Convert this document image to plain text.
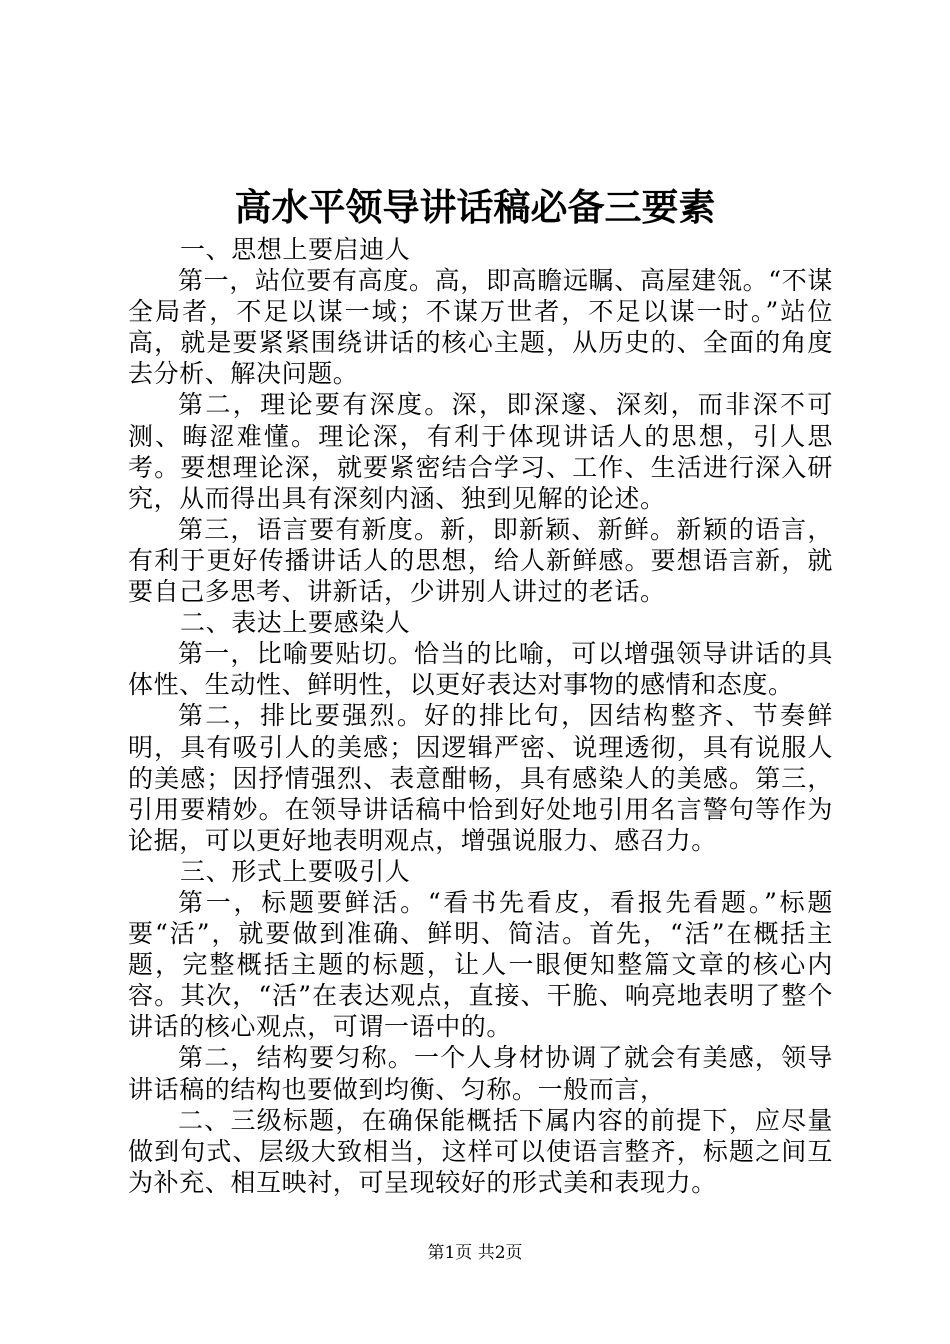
高水平领导讲话稿必备三要素

一、思想上要启迪人

第一，站位要有高度。高，即高瞻远瞩、高屋建瓴。“不谋全局者，不足以谋一域；不谋万世者，不足以谋一时。”站位高，就是要紧紧围绕讲话的核心主题，从历史的、全面的角度去分析、解决问题。

第二，理论要有深度。深，即深邃、深刻，而非深不可测、晦涩难懂。理论深，有利于体现讲话人的思想，引人思考。要想理论深，就要紧密结合学习、工作、生活进行深入研究，从而得出具有深刻内涵、独到见解的论述。

第三，语言要有新度。新，即新颖、新鲜。新颖的语言，有利于更好传播讲话人的思想，给人新鲜感。要想语言新，就要自己多思考、讲新话，少讲别人讲过的老话。

二、表达上要感染人

第一，比喻要贴切。恰当的比喻，可以增强领导讲话的具体性、生动性、鲜明性，以更好表达对事物的感情和态度。

第二，排比要强烈。好的排比句，因结构整齐、节奏鲜明，具有吸引人的美感；因逻辑严密、说理透彻，具有说服人的美感；因抒情强烈、表意酣畅，具有感染人的美感。第三，引用要精妙。在领导讲话稿中恰到好处地引用名言警句等作为论据，可以更好地表明观点，增强说服力、感召力。

三、形式上要吸引人

第一，标题要鲜活。“看书先看皮，看报先看题。”标题要“活”，就要做到准确、鲜明、简洁。首先，“活”在概括主题，完整概括主题的标题，让人一眼便知整篇文章的核心内容。其次，“活”在表达观点，直接、干脆、响亮地表明了整个讲话的核心观点，可谓一语中的。

第二，结构要匀称。一个人身材协调了就会有美感，领导讲话稿的结构也要做到均衡、匀称。一般而言，

二、三级标题，在确保能概括下属内容的前提下，应尽量做到句式、层级大致相当，这样可以使语言整齐，标题之间互为补充、相互映衬，可呈现较好的形式美和表现力。

第1页 共2页
